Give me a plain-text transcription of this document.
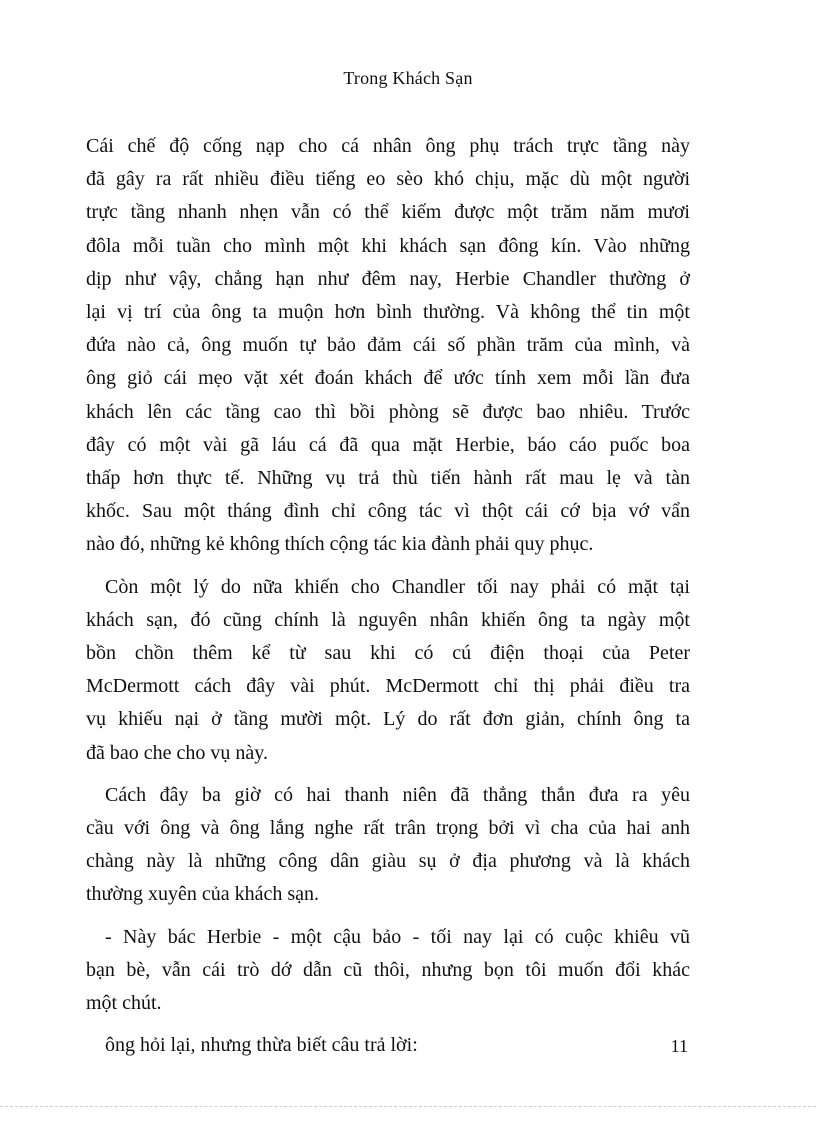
Trong Khách Sạn

Cái chế độ cống nạp cho cá nhân ông phụ trách trực tầng này
đã gây ra rất nhiều điều tiếng eo sèo khó chịu, mặc dù một người
trực tầng nhanh nhẹn vẫn có thể kiếm được một trăm năm mươi
đôla mỗi tuần cho mình một khi khách sạn đông kín. Vào những
dịp như vậy, chẳng hạn như đêm nay, Herbie Chandler thường ở
lại vị trí của ông ta muộn hơn bình thường. Và không thể tin một
đứa nào cả, ông muốn tự bảo đảm cái số phần trăm của mình, và
ông giỏ cái mẹo vặt xét đoán khách để ước tính xem mỗi lần đưa
khách lên các tầng cao thì bồi phòng sẽ được bao nhiêu. Trước
đây có một vài gã láu cá đã qua mặt Herbie, báo cáo puốc boa
thấp hơn thực tế. Những vụ trả thù tiến hành rất mau lẹ và tàn
khốc. Sau một tháng đình chỉ công tác vì thột cái cớ bịa vớ vẩn
nào đó, những kẻ không thích cộng tác kia đành phải quy phục.

Còn một lý do nữa khiến cho Chandler tối nay phải có mặt tại
khách sạn, đó cũng chính là nguyên nhân khiến ông ta ngày một
bồn chồn thêm kể từ sau khi có cú điện thoại của Peter
McDermott cách đây vài phút. McDermott chỉ thị phải điều tra
vụ khiếu nại ở tầng mười một. Lý do rất đơn giản, chính ông ta
đã bao che cho vụ này.

Cách đây ba giờ có hai thanh niên đã thẳng thắn đưa ra yêu
cầu với ông và ông lắng nghe rất trân trọng bởi vì cha của hai anh
chàng này là những công dân giàu sụ ở địa phương và là khách
thường xuyên của khách sạn.

- Này bác Herbie - một cậu bảo - tối nay lại có cuộc khiêu vũ
bạn bè, vẫn cái trò dớ dẫn cũ thôi, nhưng bọn tôi muốn đổi khác
một chút.

ông hỏi lại, nhưng thừa biết câu trả lời:	11
